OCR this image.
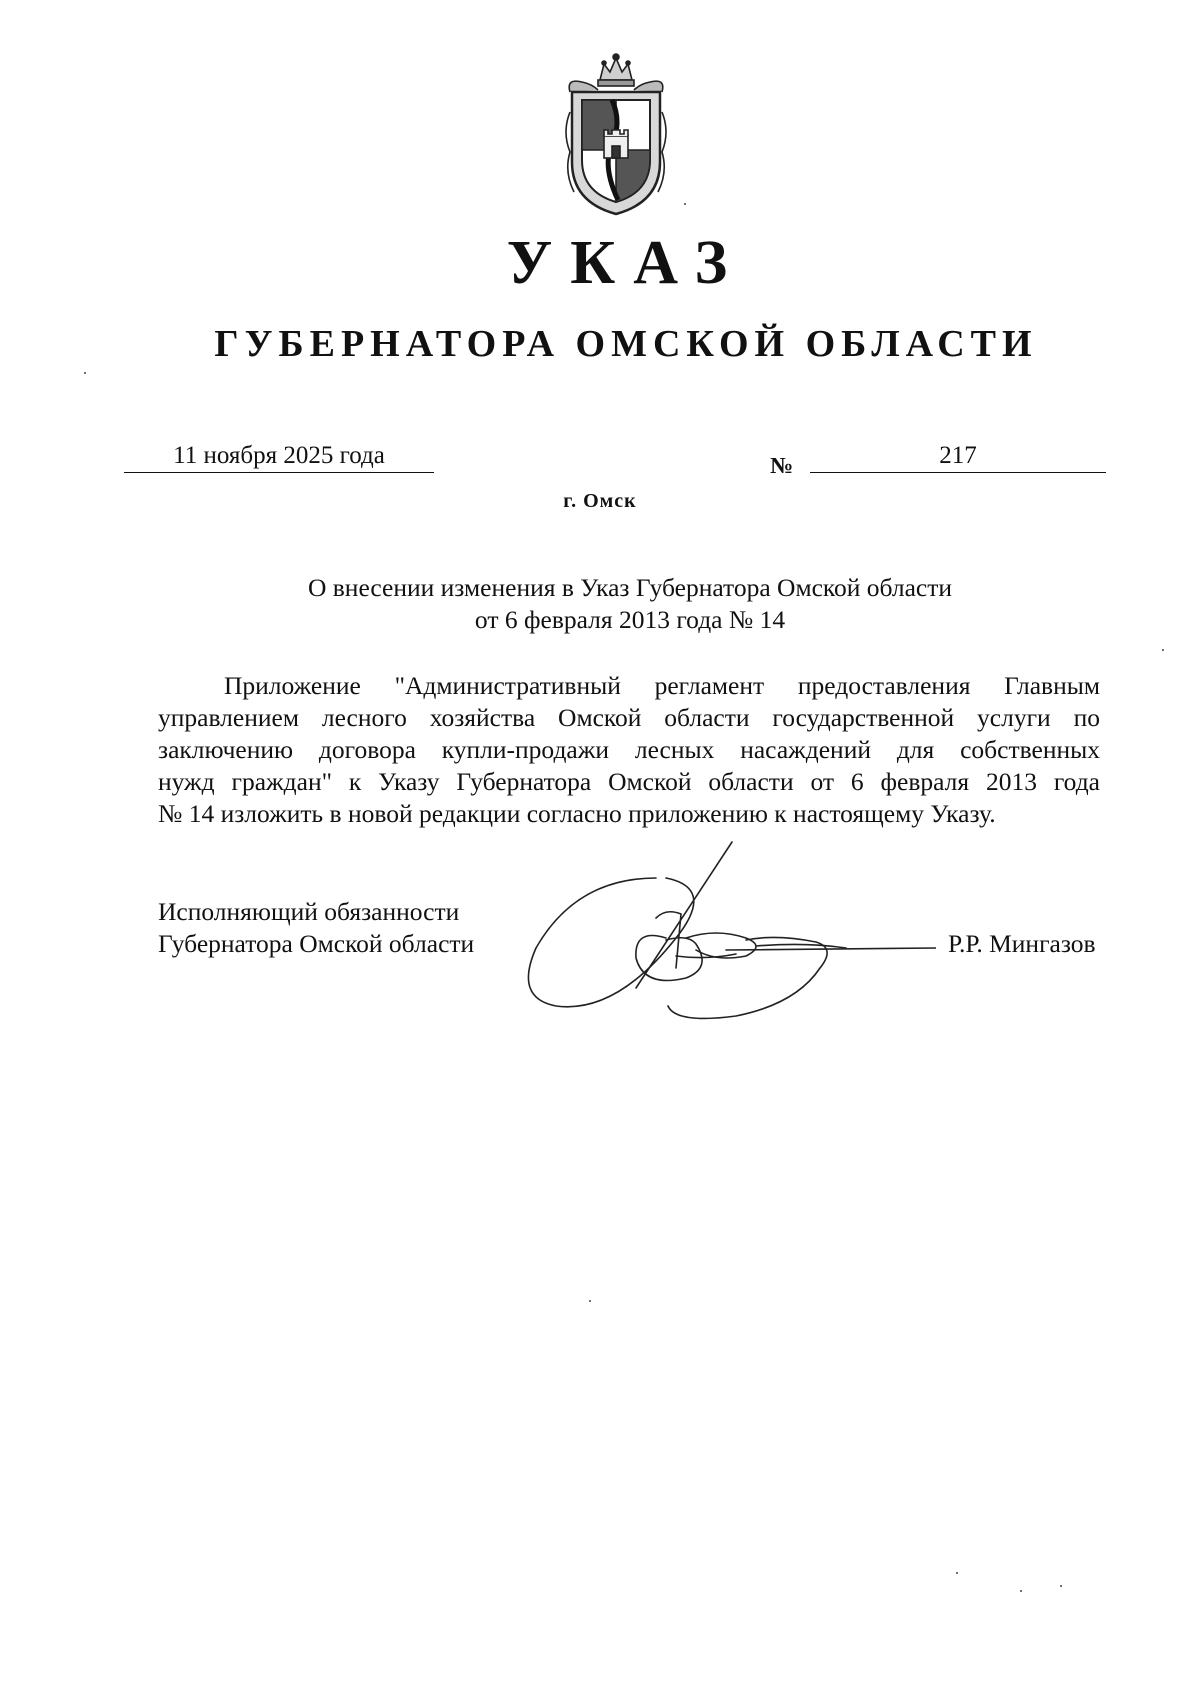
УКАЗ
ГУБЕРНАТОРА ОМСКОЙ ОБЛАСТИ
11 ноября 2025 года	№	217
г. Омск
О внесении изменения в Указ Губернатора Омской области
от 6 февраля 2013 года № 14
Приложение "Административный регламент предоставления Главным
управлением лесного хозяйства Омской области государственной услуги по
заключению договора купли-продажи лесных насаждений для собственных
нужд граждан" к Указу Губернатора Омской области от 6 февраля 2013 года
№ 14 изложить в новой редакции согласно приложению к настоящему Указу.
Исполняющий обязанности
Губернатора Омской области	Р.Р. Мингазов
